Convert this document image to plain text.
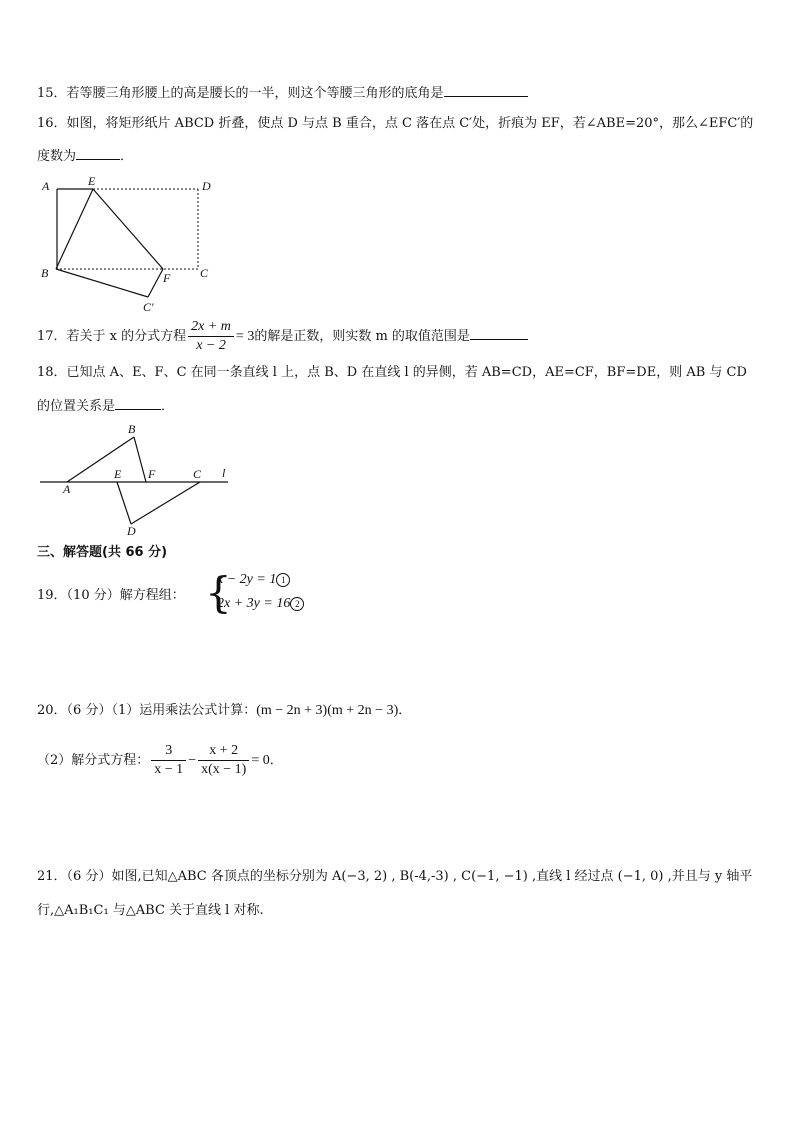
15．若等腰三角形腰上的高是腰长的一半，则这个等腰三角形的底角是
16．如图，将矩形纸片 ABCD 折叠，使点 D 与点 B 重合，点 C 落在点 C′处，折痕为 EF，若∠ABE=20°，那么∠EFC′的
度数为	．
A	E	D
B	F C
C′
17．若关于 x 的分式方程 $\frac{2x + m}{x - 2} = 3$的解是正数，则实数 m 的取值范围是
18．已知点 A、E、F、C 在同一条直线 l 上，点 B、D 在直线 l 的异侧，若 AB=CD，AE=CF，BF=DE，则 AB 与 CD
的位置关系是	．
B
A
E F	C l
D
三、解答题(共 66 分)
19．（10 分）解方程组： {
x − 2y = 1 1
2x + 3y = 16 2
20．（6 分）（1）运用乘法公式计算：(m − 2n + 3)(m + 2n − 3)．
（2）解分式方程： $\frac{3}{x - 1} - \frac{x + 2}{x(x - 1)} = 0$．
21．（6 分）如图,已知△ABC 各顶点的坐标分别为 A(−3, 2) , B(-4,-3) , C(−1, −1) ,直线 l 经过点 (−1, 0) ,并且与 y 轴平
行,△A₁B₁C₁ 与△ABC 关于直线 l 对称.
